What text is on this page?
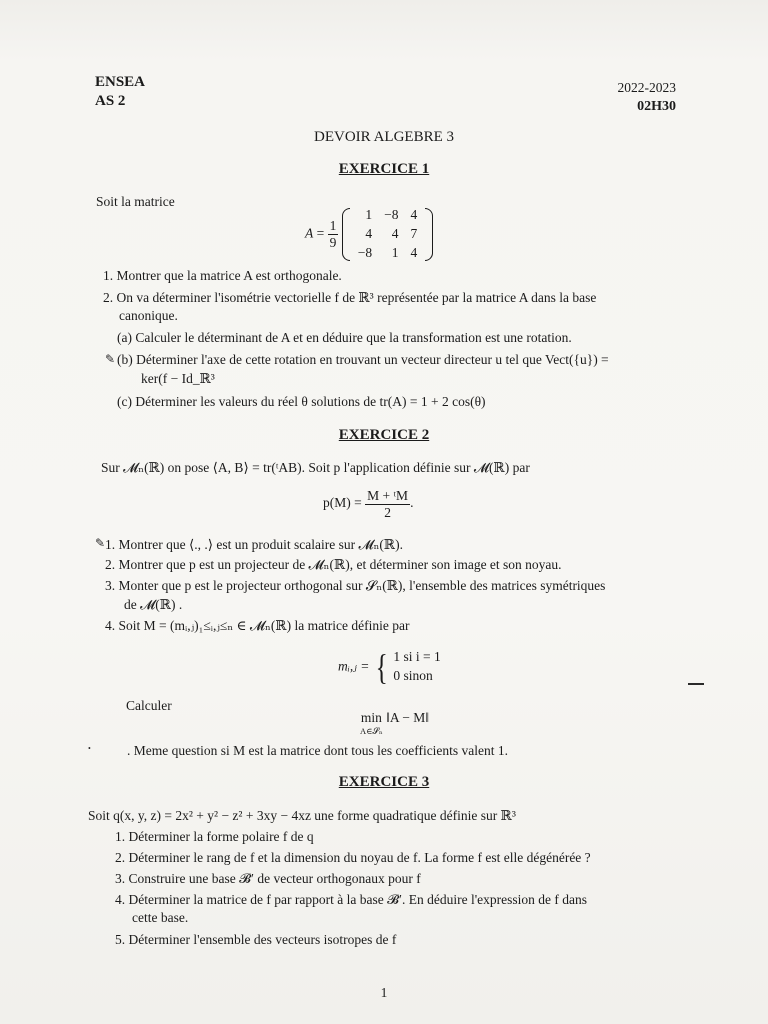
ENSEA
AS 2
2022-2023
02H30
DEVOIR ALGEBRE 3
EXERCICE 1
Soit la matrice
$A = \frac{1}{9}$

1	−8	4
4	4	7
−8	1	4
1. Montrer que la matrice A est orthogonale.
2. On va déterminer l'isométrie vectorielle f de ℝ³ représentée par la matrice A dans la base
canonique.
(a) Calculer le déterminant de A et en déduire que la transformation est une rotation.
✎ (b) Déterminer l'axe de cette rotation en trouvant un vecteur directeur u tel que Vect({u}) =
ker(f − Id_ℝ³
(c) Déterminer les valeurs du réel θ solutions de tr(A) = 1 + 2 cos(θ)
EXERCICE 2
Sur 𝓜ₙ(ℝ) on pose ⟨A, B⟩ = tr(ᵗAB). Soit p l'application définie sur 𝓜(ℝ) par
$p(M) = \frac{\text{M + ᵗM}}{2}$ .
✎ 1. Montrer que ⟨., .⟩ est un produit scalaire sur 𝓜ₙ(ℝ).
2. Montrer que p est un projecteur de 𝓜ₙ(ℝ), et déterminer son image et son noyau.
3. Monter que p est le projecteur orthogonal sur 𝓢ₙ(ℝ), l'ensemble des matrices symétriques
de 𝓜(ℝ) .
4. Soit M = (mᵢ,ⱼ)₁≤ᵢ,ⱼ≤ₙ ∈ 𝓜ₙ(ℝ) la matrice définie par
mᵢ,ⱼ = { 1 si i = 1
0 sinon
Calculer
min
A∈𝓢ₙ
‖A − M‖
•	. Meme question si M est la matrice dont tous les coefficients valent 1.
EXERCICE 3
Soit q(x, y, z) = 2x² + y² − z² + 3xy − 4xz une forme quadratique définie sur ℝ³
1. Déterminer la forme polaire f de q
2. Déterminer le rang de f et la dimension du noyau de f. La forme f est elle dégénérée ?
3. Construire une base 𝓑′ de vecteur orthogonaux pour f
4. Déterminer la matrice de f par rapport à la base 𝓑′. En déduire l'expression de f dans
cette base.
5. Déterminer l'ensemble des vecteurs isotropes de f
1
